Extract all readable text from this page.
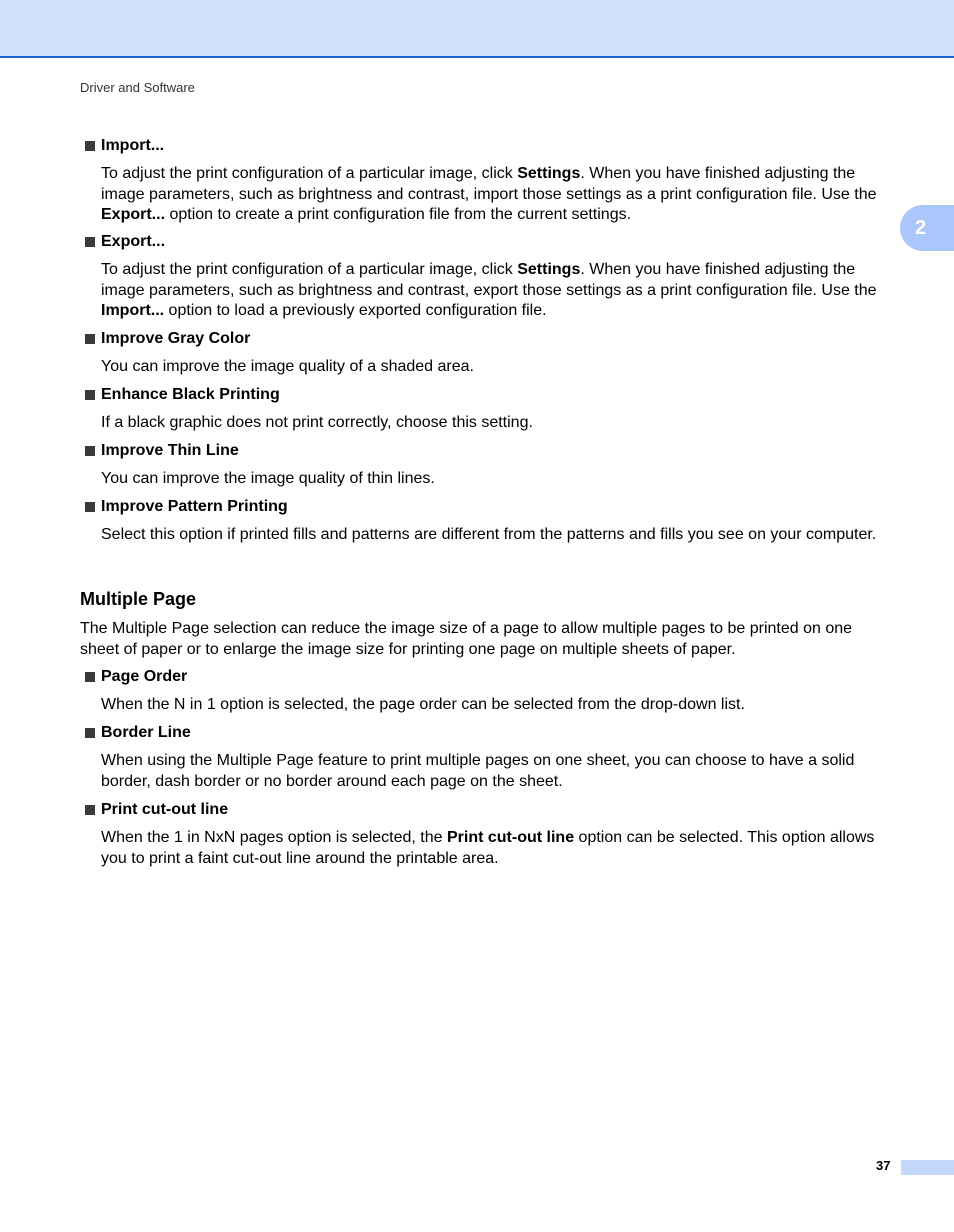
Driver and Software
2
Import...
To adjust the print configuration of a particular image, click Settings. When you have finished adjusting the image parameters, such as brightness and contrast, import those settings as a print configuration file. Use the Export... option to create a print configuration file from the current settings.
Export...
To adjust the print configuration of a particular image, click Settings. When you have finished adjusting the image parameters, such as brightness and contrast, export those settings as a print configuration file. Use the Import... option to load a previously exported configuration file.
Improve Gray Color
You can improve the image quality of a shaded area.
Enhance Black Printing
If a black graphic does not print correctly, choose this setting.
Improve Thin Line
You can improve the image quality of thin lines.
Improve Pattern Printing
Select this option if printed fills and patterns are different from the patterns and fills you see on your computer.
Multiple Page
The Multiple Page selection can reduce the image size of a page to allow multiple pages to be printed on one sheet of paper or to enlarge the image size for printing one page on multiple sheets of paper.
Page Order
When the N in 1 option is selected, the page order can be selected from the drop-down list.
Border Line
When using the Multiple Page feature to print multiple pages on one sheet, you can choose to have a solid border, dash border or no border around each page on the sheet.
Print cut-out line
When the 1 in NxN pages option is selected, the Print cut-out line option can be selected. This option allows you to print a faint cut-out line around the printable area.
37
